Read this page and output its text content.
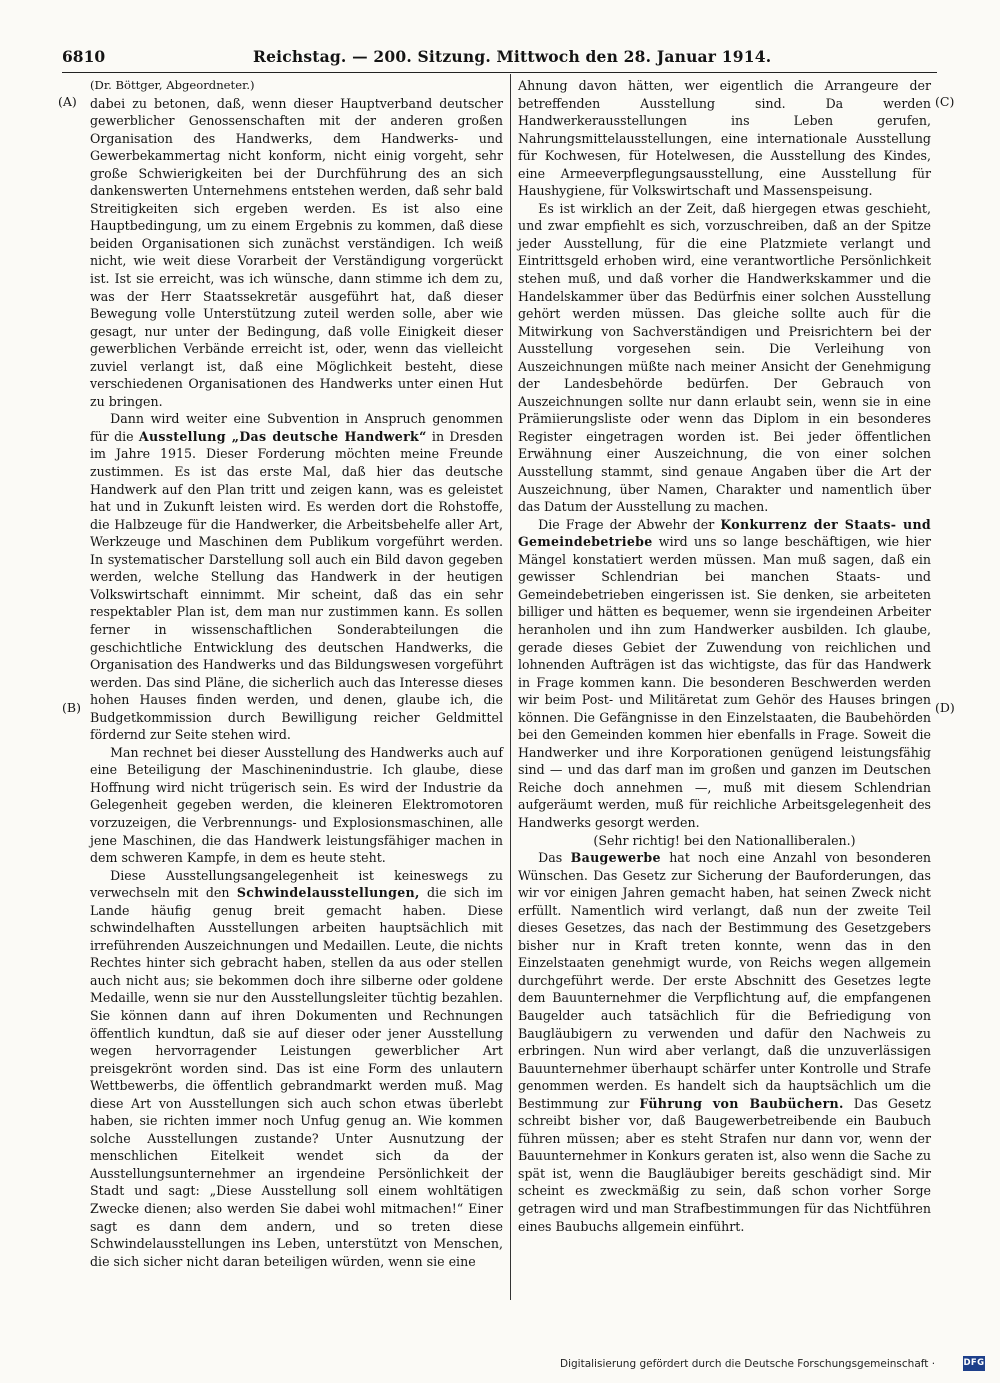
6810	Reichstag. — 200. Sitzung. Mittwoch den 28. Januar 1914.
(A)
(B)
(C)
(D)

(Dr. Böttger, Abgeordneter.)

dabei zu betonen, daß, wenn dieser Hauptverband deutscher gewerblicher Genossenschaften mit der anderen großen Organisation des Handwerks, dem Handwerks- und Gewerbekammertag nicht konform, nicht einig vorgeht, sehr große Schwierigkeiten bei der Durchführung des an sich dankenswerten Unternehmens entstehen werden, daß sehr bald Streitigkeiten sich ergeben werden. Es ist also eine Hauptbedingung, um zu einem Ergebnis zu kommen, daß diese beiden Organisationen sich zunächst verständigen. Ich weiß nicht, wie weit diese Vorarbeit der Verständigung vorgerückt ist. Ist sie erreicht, was ich wünsche, dann stimme ich dem zu, was der Herr Staatssekretär ausgeführt hat, daß dieser Bewegung volle Unterstützung zuteil werden solle, aber wie gesagt, nur unter der Bedingung, daß volle Einigkeit dieser gewerblichen Verbände erreicht ist, oder, wenn das vielleicht zuviel verlangt ist, daß eine Möglichkeit besteht, diese verschiedenen Organisationen des Handwerks unter einen Hut zu bringen.

Dann wird weiter eine Subvention in Anspruch genommen für die Ausstellung „Das deutsche Handwerk“ in Dresden im Jahre 1915. Dieser Forderung möchten meine Freunde zustimmen. Es ist das erste Mal, daß hier das deutsche Handwerk auf den Plan tritt und zeigen kann, was es geleistet hat und in Zukunft leisten wird. Es werden dort die Rohstoffe, die Halbzeuge für die Handwerker, die Arbeitsbehelfe aller Art, Werkzeuge und Maschinen dem Publikum vorgeführt werden. In systematischer Darstellung soll auch ein Bild davon gegeben werden, welche Stellung das Handwerk in der heutigen Volkswirtschaft einnimmt. Mir scheint, daß das ein sehr respektabler Plan ist, dem man nur zustimmen kann. Es sollen ferner in wissenschaftlichen Sonderabteilungen die geschichtliche Entwicklung des deutschen Handwerks, die Organisation des Handwerks und das Bildungswesen vorgeführt werden. Das sind Pläne, die sicherlich auch das Interesse dieses hohen Hauses finden werden, und denen, glaube ich, die Budgetkommission durch Bewilligung reicher Geldmittel fördernd zur Seite stehen wird.

Man rechnet bei dieser Ausstellung des Handwerks auch auf eine Beteiligung der Maschinenindustrie. Ich glaube, diese Hoffnung wird nicht trügerisch sein. Es wird der Industrie da Gelegenheit gegeben werden, die kleineren Elektromotoren vorzuzeigen, die Verbrennungs- und Explosionsmaschinen, alle jene Maschinen, die das Handwerk leistungsfähiger machen in dem schweren Kampfe, in dem es heute steht.

Diese Ausstellungsangelegenheit ist keineswegs zu verwechseln mit den Schwindelausstellungen, die sich im Lande häufig genug breit gemacht haben. Diese schwindelhaften Ausstellungen arbeiten hauptsächlich mit irreführenden Auszeichnungen und Medaillen. Leute, die nichts Rechtes hinter sich gebracht haben, stellen da aus oder stellen auch nicht aus; sie bekommen doch ihre silberne oder goldene Medaille, wenn sie nur den Ausstellungsleiter tüchtig bezahlen. Sie können dann auf ihren Dokumenten und Rechnungen öffentlich kundtun, daß sie auf dieser oder jener Ausstellung wegen hervorragender Leistungen gewerblicher Art preisgekrönt worden sind. Das ist eine Form des unlautern Wettbewerbs, die öffentlich gebrandmarkt werden muß. Mag diese Art von Ausstellungen sich auch schon etwas überlebt haben, sie richten immer noch Unfug genug an. Wie kommen solche Ausstellungen zustande? Unter Ausnutzung der menschlichen Eitelkeit wendet sich da der Ausstellungsunternehmer an irgendeine Persönlichkeit der Stadt und sagt: „Diese Ausstellung soll einem wohltätigen Zwecke dienen; also werden Sie dabei wohl mitmachen!“ Einer sagt es dann dem andern, und so treten diese Schwindelausstellungen ins Leben, unterstützt von Menschen, die sich sicher nicht daran beteiligen würden, wenn sie eine

Ahnung davon hätten, wer eigentlich die Arrangeure der betreffenden Ausstellung sind. Da werden Handwerkerausstellungen ins Leben gerufen, Nahrungsmittelausstellungen, eine internationale Ausstellung für Kochwesen, für Hotelwesen, die Ausstellung des Kindes, eine Armeeverpflegungsausstellung, eine Ausstellung für Haushygiene, für Volkswirtschaft und Massenspeisung.

Es ist wirklich an der Zeit, daß hiergegen etwas geschieht, und zwar empfiehlt es sich, vorzuschreiben, daß an der Spitze jeder Ausstellung, für die eine Platzmiete verlangt und Eintrittsgeld erhoben wird, eine verantwortliche Persönlichkeit stehen muß, und daß vorher die Handwerkskammer und die Handelskammer über das Bedürfnis einer solchen Ausstellung gehört werden müssen. Das gleiche sollte auch für die Mitwirkung von Sachverständigen und Preisrichtern bei der Ausstellung vorgesehen sein. Die Verleihung von Auszeichnungen müßte nach meiner Ansicht der Genehmigung der Landesbehörde bedürfen. Der Gebrauch von Auszeichnungen sollte nur dann erlaubt sein, wenn sie in eine Prämiierungsliste oder wenn das Diplom in ein besonderes Register eingetragen worden ist. Bei jeder öffentlichen Erwähnung einer Auszeichnung, die von einer solchen Ausstellung stammt, sind genaue Angaben über die Art der Auszeichnung, über Namen, Charakter und namentlich über das Datum der Ausstellung zu machen.

Die Frage der Abwehr der Konkurrenz der Staats- und Gemeindebetriebe wird uns so lange beschäftigen, wie hier Mängel konstatiert werden müssen. Man muß sagen, daß ein gewisser Schlendrian bei manchen Staats- und Gemeindebetrieben eingerissen ist. Sie denken, sie arbeiteten billiger und hätten es bequemer, wenn sie irgendeinen Arbeiter heranholen und ihn zum Handwerker ausbilden. Ich glaube, gerade dieses Gebiet der Zuwendung von reichlichen und lohnenden Aufträgen ist das wichtigste, das für das Handwerk in Frage kommen kann. Die besonderen Beschwerden werden wir beim Post- und Militäretat zum Gehör des Hauses bringen können. Die Gefängnisse in den Einzelstaaten, die Baubehörden bei den Gemeinden kommen hier ebenfalls in Frage. Soweit die Handwerker und ihre Korporationen genügend leistungsfähig sind — und das darf man im großen und ganzen im Deutschen Reiche doch annehmen —, muß mit diesem Schlendrian aufgeräumt werden, muß für reichliche Arbeitsgelegenheit des Handwerks gesorgt werden.

(Sehr richtig! bei den Nationalliberalen.)

Das Baugewerbe hat noch eine Anzahl von besonderen Wünschen. Das Gesetz zur Sicherung der Bauforderungen, das wir vor einigen Jahren gemacht haben, hat seinen Zweck nicht erfüllt. Namentlich wird verlangt, daß nun der zweite Teil dieses Gesetzes, das nach der Bestimmung des Gesetzgebers bisher nur in Kraft treten konnte, wenn das in den Einzelstaaten genehmigt wurde, von Reichs wegen allgemein durchgeführt werde. Der erste Abschnitt des Gesetzes legte dem Bauunternehmer die Verpflichtung auf, die empfangenen Baugelder auch tatsächlich für die Befriedigung von Baugläubigern zu verwenden und dafür den Nachweis zu erbringen. Nun wird aber verlangt, daß die unzuverlässigen Bauunternehmer überhaupt schärfer unter Kontrolle und Strafe genommen werden. Es handelt sich da hauptsächlich um die Bestimmung zur Führung von Baubüchern. Das Gesetz schreibt bisher vor, daß Baugewerbetreibende ein Baubuch führen müssen; aber es steht Strafen nur dann vor, wenn der Bauunternehmer in Konkurs geraten ist, also wenn die Sache zu spät ist, wenn die Baugläubiger bereits geschädigt sind. Mir scheint es zweckmäßig zu sein, daß schon vorher Sorge getragen wird und man Strafbestimmungen für das Nichtführen eines Baubuchs allgemein einführt.

Digitalisierung gefördert durch die Deutsche Forschungsgemeinschaft ·	DFG
